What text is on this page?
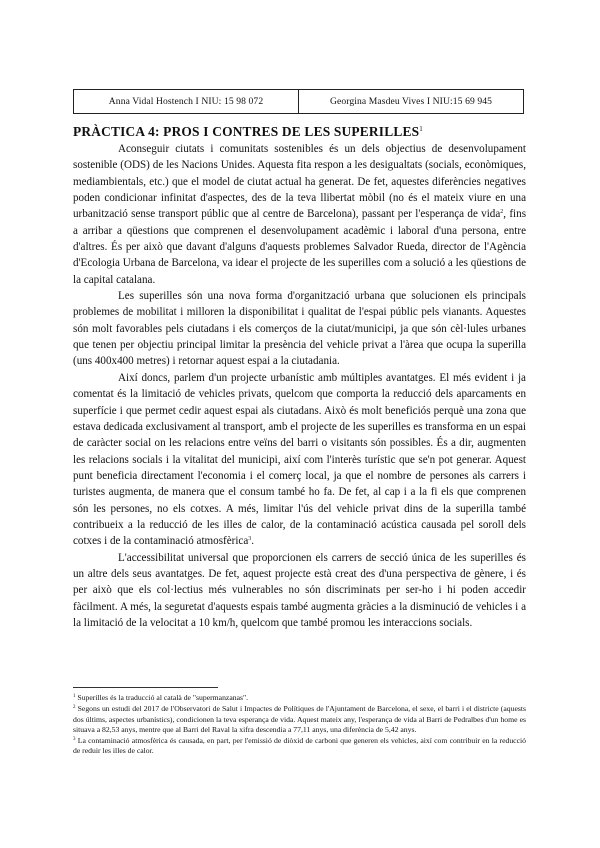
Anna Vidal Hostench I NIU: 15 98 072	Georgina Masdeu Vives I NIU:15 69 945
PRÀCTICA 4: PROS I CONTRES DE LES SUPERILLES$^1$

Aconseguir ciutats i comunitats sostenibles és un dels objectius de desenvolupament sostenible (ODS) de les Nacions Unides. Aquesta fita respon a les desigualtats (socials, econòmiques, mediambientals, etc.) que el model de ciutat actual ha generat. De fet, aquestes diferències negatives poden condicionar infinitat d'aspectes, des de la teva llibertat mòbil (no és el mateix viure en una urbanització sense transport públic que al centre de Barcelona), passant per l'esperança de vida$^2$, fins a arribar a qüestions que comprenen el desenvolupament acadèmic i laboral d'una persona, entre d'altres. És per això que davant d'alguns d'aquests problemes Salvador Rueda, director de l'Agència d'Ecologia Urbana de Barcelona, va idear el projecte de les superilles com a solució a les qüestions de la capital catalana.

Les superilles són una nova forma d'organització urbana que solucionen els principals problemes de mobilitat i milloren la disponibilitat i qualitat de l'espai públic pels vianants. Aquestes són molt favorables pels ciutadans i els comerços de la ciutat/municipi, ja que són cèl·lules urbanes que tenen per objectiu principal limitar la presència del vehicle privat a l'àrea que ocupa la superilla (uns 400x400 metres) i retornar aquest espai a la ciutadania.

Així doncs, parlem d'un projecte urbanístic amb múltiples avantatges. El més evident i ja comentat és la limitació de vehicles privats, quelcom que comporta la reducció dels aparcaments en superfície i que permet cedir aquest espai als ciutadans. Això és molt beneficiós perquè una zona que estava dedicada exclusivament al transport, amb el projecte de les superilles es transforma en un espai de caràcter social on les relacions entre veïns del barri o visitants són possibles. És a dir, augmenten les relacions socials i la vitalitat del municipi, així com l'interès turístic que se'n pot generar. Aquest punt beneficia directament l'economia i el comerç local, ja que el nombre de persones als carrers i turistes augmenta, de manera que el consum també ho fa. De fet, al cap i a la fi els que comprenen són les persones, no els cotxes. A més, limitar l'ús del vehicle privat dins de la superilla també contribueix a la reducció de les illes de calor, de la contaminació acústica causada pel soroll dels cotxes i de la contaminació atmosfèrica$^3$.

L'accessibilitat universal que proporcionen els carrers de secció única de les superilles és un altre dels seus avantatges. De fet, aquest projecte està creat des d'una perspectiva de gènere, i és per això que els col·lectius més vulnerables no són discriminats per ser-ho i hi poden accedir fàcilment. A més, la seguretat d'aquests espais també augmenta gràcies a la disminució de vehicles i a la limitació de la velocitat a 10 km/h, quelcom que també promou les interaccions socials.

$^1$ Superilles és la traducció al català de "supermanzanas".
$^2$ Segons un estudi del 2017 de l'Observatori de Salut i Impactes de Polítiques de l'Ajuntament de Barcelona, el sexe, el barri i el districte (aquests dos últims, aspectes urbanístics), condicionen la teva esperança de vida. Aquest mateix any, l'esperança de vida al Barri de Pedralbes d'un home es situava a 82,53 anys, mentre que al Barri del Raval la xifra descendia a 77,11 anys, una diferència de 5,42 anys.
$^3$ La contaminació atmosfèrica és causada, en part, per l'emissió de diòxid de carboni que generen els vehicles, així com contribuir en la reducció de reduir les illes de calor.
